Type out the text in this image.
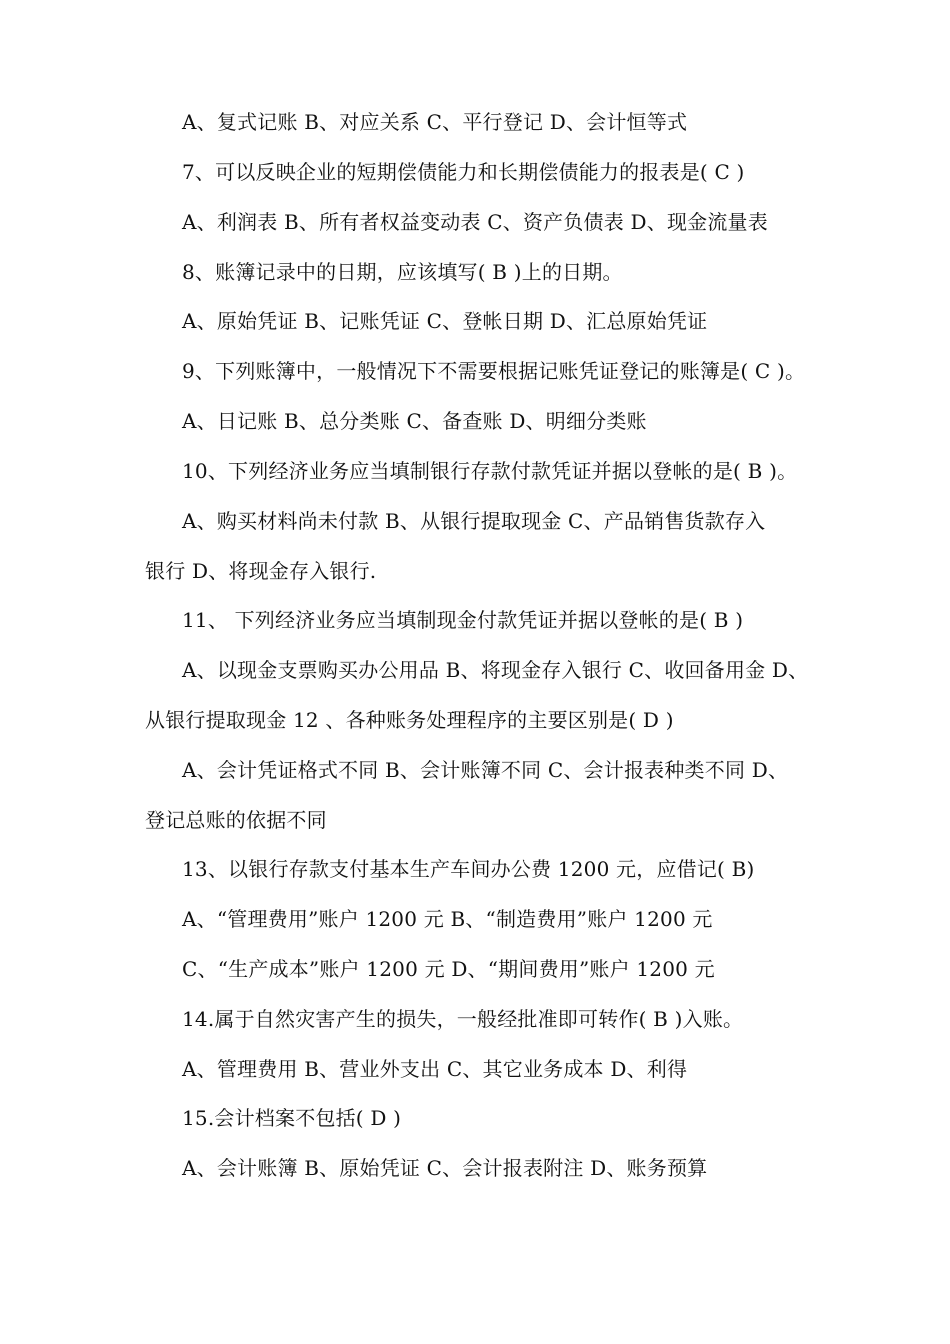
A、复式记账 B、对应关系 C、平行登记 D、会计恒等式
7、可以反映企业的短期偿债能力和长期偿债能力的报表是( C )
A、利润表 B、所有者权益变动表 C、资产负债表 D、现金流量表
8、账簿记录中的日期，应该填写( B )上的日期。
A、原始凭证 B、记账凭证 C、登帐日期 D、汇总原始凭证
9、下列账簿中，一般情况下不需要根据记账凭证登记的账簿是( C )。
A、日记账 B、总分类账 C、备查账 D、明细分类账
10、下列经济业务应当填制银行存款付款凭证并据以登帐的是( B )。
A、购买材料尚未付款 B、从银行提取现金 C、产品销售货款存入
银行 D、将现金存入银行.
11、 下列经济业务应当填制现金付款凭证并据以登帐的是( B )
A、以现金支票购买办公用品 B、将现金存入银行 C、收回备用金 D、
从银行提取现金 12 、各种账务处理程序的主要区别是( D )
A、会计凭证格式不同 B、会计账簿不同 C、会计报表种类不同 D、
登记总账的依据不同
13、以银行存款支付基本生产车间办公费 1200 元，应借记( B)
A、“管理费用”账户 1200 元 B、“制造费用”账户 1200 元
C、“生产成本”账户 1200 元 D、“期间费用”账户 1200 元
14.属于自然灾害产生的损失，一般经批准即可转作( B )入账。
A、管理费用 B、营业外支出 C、其它业务成本 D、利得
15.会计档案不包括( D )
A、会计账簿 B、原始凭证 C、会计报表附注 D、账务预算
